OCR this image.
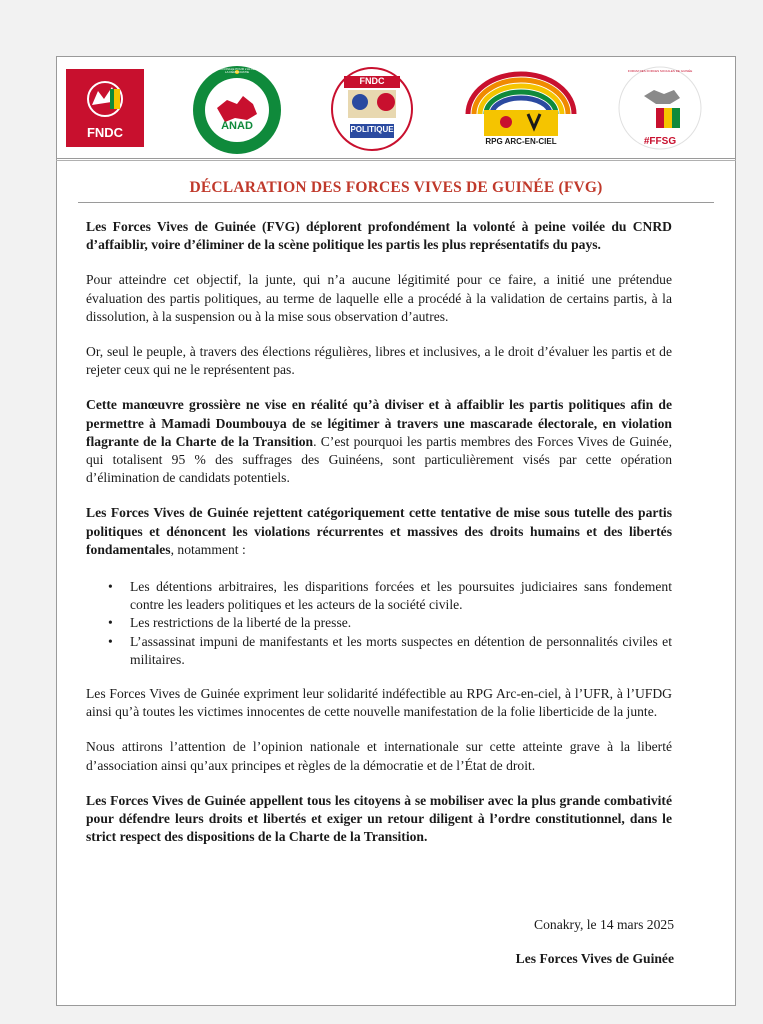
FNDC
ALLIANCE NATIONALE POUR L'ALTERNANCE ET LA DÉMOCRATIE
ANAD
FNDC
POLITIQUE
RPG ARC-EN-CIEL
FORUM DES FORCES SOCIALES DE GUINÉE
#FFSG
DÉCLARATION DES FORCES VIVES DE GUINÉE (FVG)

Les Forces Vives de Guinée (FVG) déplorent profondément la volonté à peine voilée du CNRD d’affaiblir, voire d’éliminer de la scène politique les partis les plus représentatifs du pays.

Pour atteindre cet objectif, la junte, qui n’a aucune légitimité pour ce faire, a initié une prétendue évaluation des partis politiques, au terme de laquelle elle a procédé à la validation de certains partis, à la dissolution, à la suspension ou à la mise sous observation d’autres.

Or, seul le peuple, à travers des élections régulières, libres et inclusives, a le droit d’évaluer les partis et de rejeter ceux qui ne le représentent pas.

Cette manœuvre grossière ne vise en réalité qu’à diviser et à affaiblir les partis politiques afin de permettre à Mamadi Doumbouya de se légitimer à travers une mascarade électorale, en violation flagrante de la Charte de la Transition. C’est pourquoi les partis membres des Forces Vives de Guinée, qui totalisent 95 % des suffrages des Guinéens, sont particulièrement visés par cette opération d’élimination de candidats potentiels.

Les Forces Vives de Guinée rejettent catégoriquement cette tentative de mise sous tutelle des partis politiques et dénoncent les violations récurrentes et massives des droits humains et des libertés fondamentales, notamment :

• Les détentions arbitraires, les disparitions forcées et les poursuites judiciaires sans fondement contre les leaders politiques et les acteurs de la société civile.
• Les restrictions de la liberté de la presse.
• L’assassinat impuni de manifestants et les morts suspectes en détention de personnalités civiles et militaires.

Les Forces Vives de Guinée expriment leur solidarité indéfectible au RPG Arc-en-ciel, à l’UFR, à l’UFDG ainsi qu’à toutes les victimes innocentes de cette nouvelle manifestation de la folie liberticide de la junte.

Nous attirons l’attention de l’opinion nationale et internationale sur cette atteinte grave à la liberté d’association ainsi qu’aux principes et règles de la démocratie et de l’État de droit.

Les Forces Vives de Guinée appellent tous les citoyens à se mobiliser avec la plus grande combativité pour défendre leurs droits et libertés et exiger un retour diligent à l’ordre constitutionnel, dans le strict respect des dispositions de la Charte de la Transition.

Conakry, le 14 mars 2025
Les Forces Vives de Guinée
